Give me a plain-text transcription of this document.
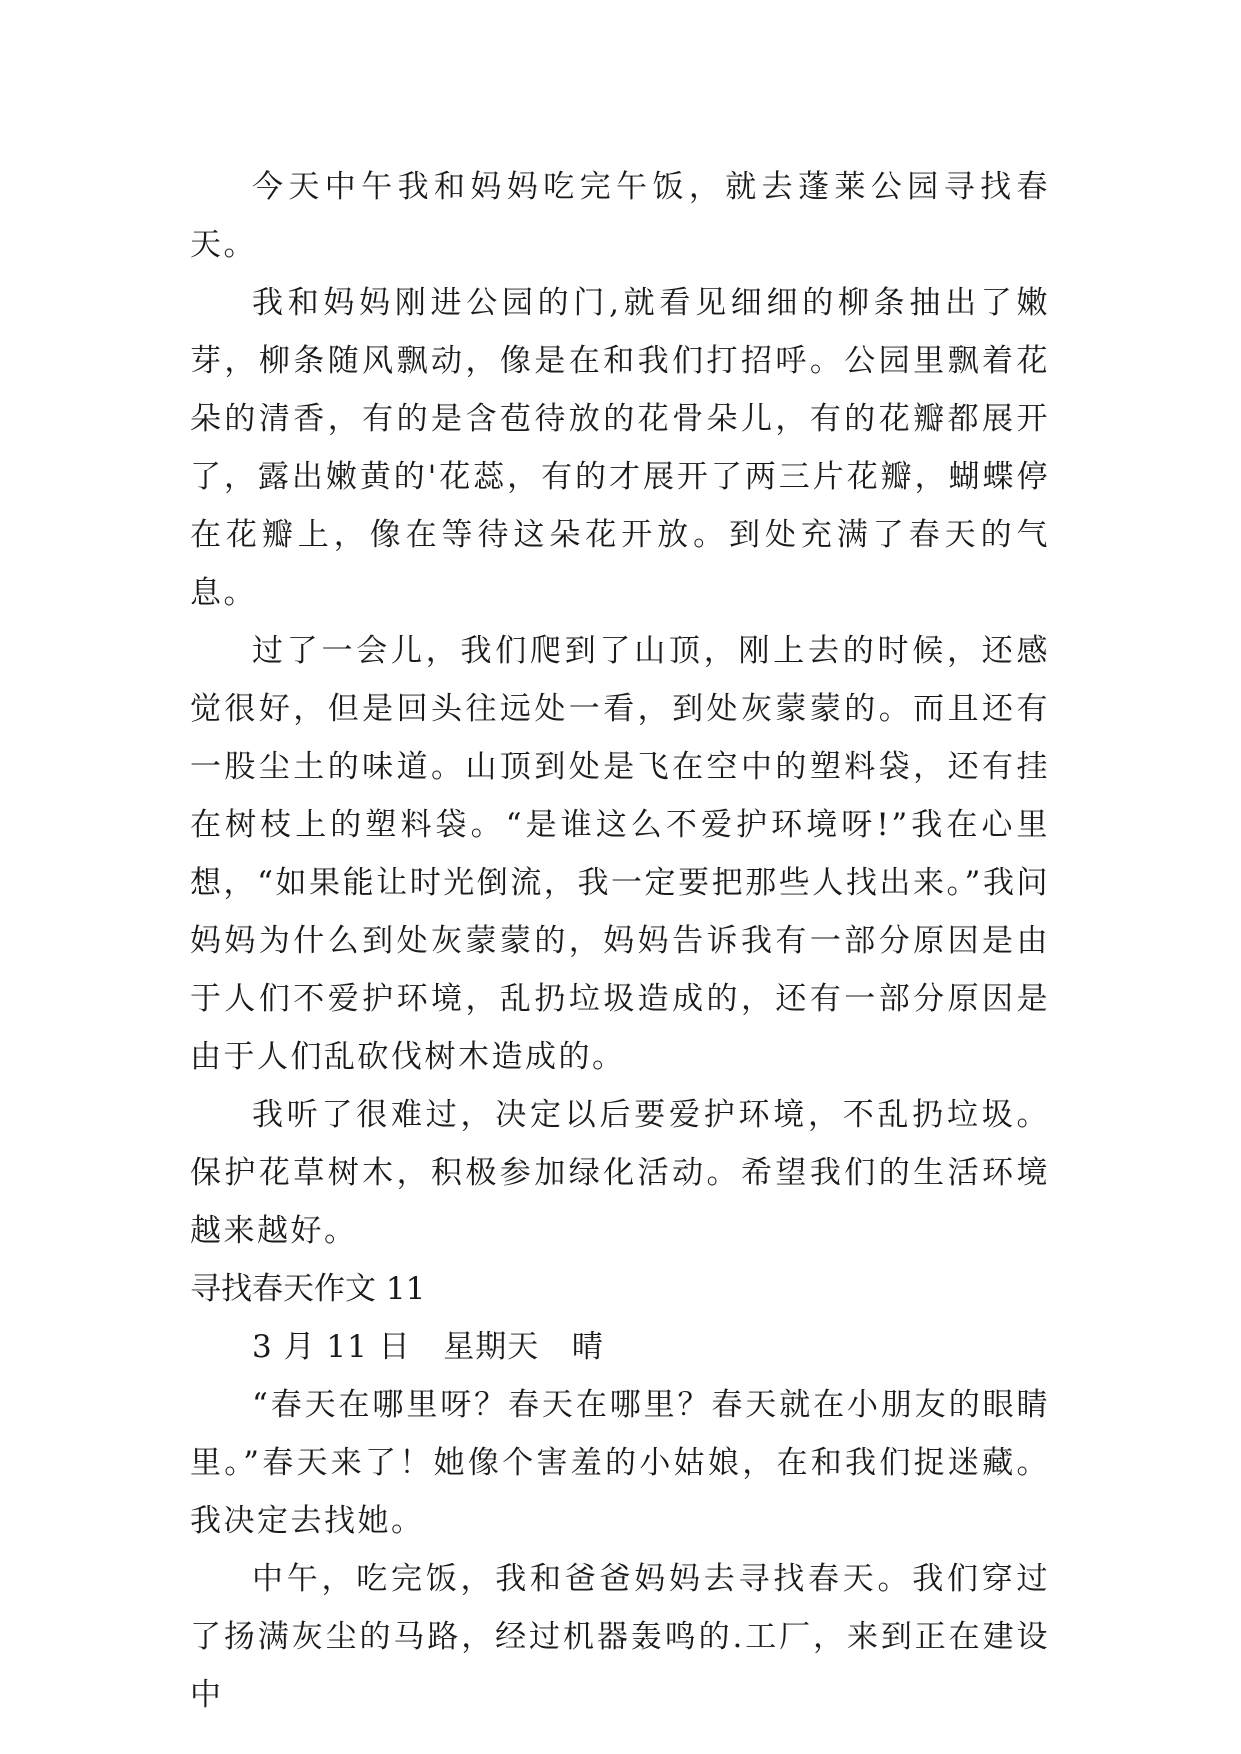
今天中午我和妈妈吃完午饭，就去蓬莱公园寻找春天。

我和妈妈刚进公园的门,就看见细细的柳条抽出了嫩芽，柳条随风飘动，像是在和我们打招呼。公园里飘着花朵的清香，有的是含苞待放的花骨朵儿，有的花瓣都展开了，露出嫩黄的'花蕊，有的才展开了两三片花瓣，蝴蝶停在花瓣上，像在等待这朵花开放。到处充满了春天的气息。

过了一会儿，我们爬到了山顶，刚上去的时候，还感觉很好，但是回头往远处一看，到处灰蒙蒙的。而且还有一股尘土的味道。山顶到处是飞在空中的塑料袋，还有挂在树枝上的塑料袋。“是谁这么不爱护环境呀!”我在心里想，“如果能让时光倒流，我一定要把那些人找出来。”我问妈妈为什么到处灰蒙蒙的，妈妈告诉我有一部分原因是由于人们不爱护环境，乱扔垃圾造成的，还有一部分原因是由于人们乱砍伐树木造成的。

我听了很难过，决定以后要爱护环境，不乱扔垃圾。保护花草树木，积极参加绿化活动。希望我们的生活环境越来越好。

寻找春天作文 11

3 月 11 日   星期天   晴

“春天在哪里呀？春天在哪里？春天就在小朋友的眼睛里。”春天来了！她像个害羞的小姑娘，在和我们捉迷藏。我决定去找她。

中午，吃完饭，我和爸爸妈妈去寻找春天。我们穿过了扬满灰尘的马路，经过机器轰鸣的.工厂，来到正在建设中
